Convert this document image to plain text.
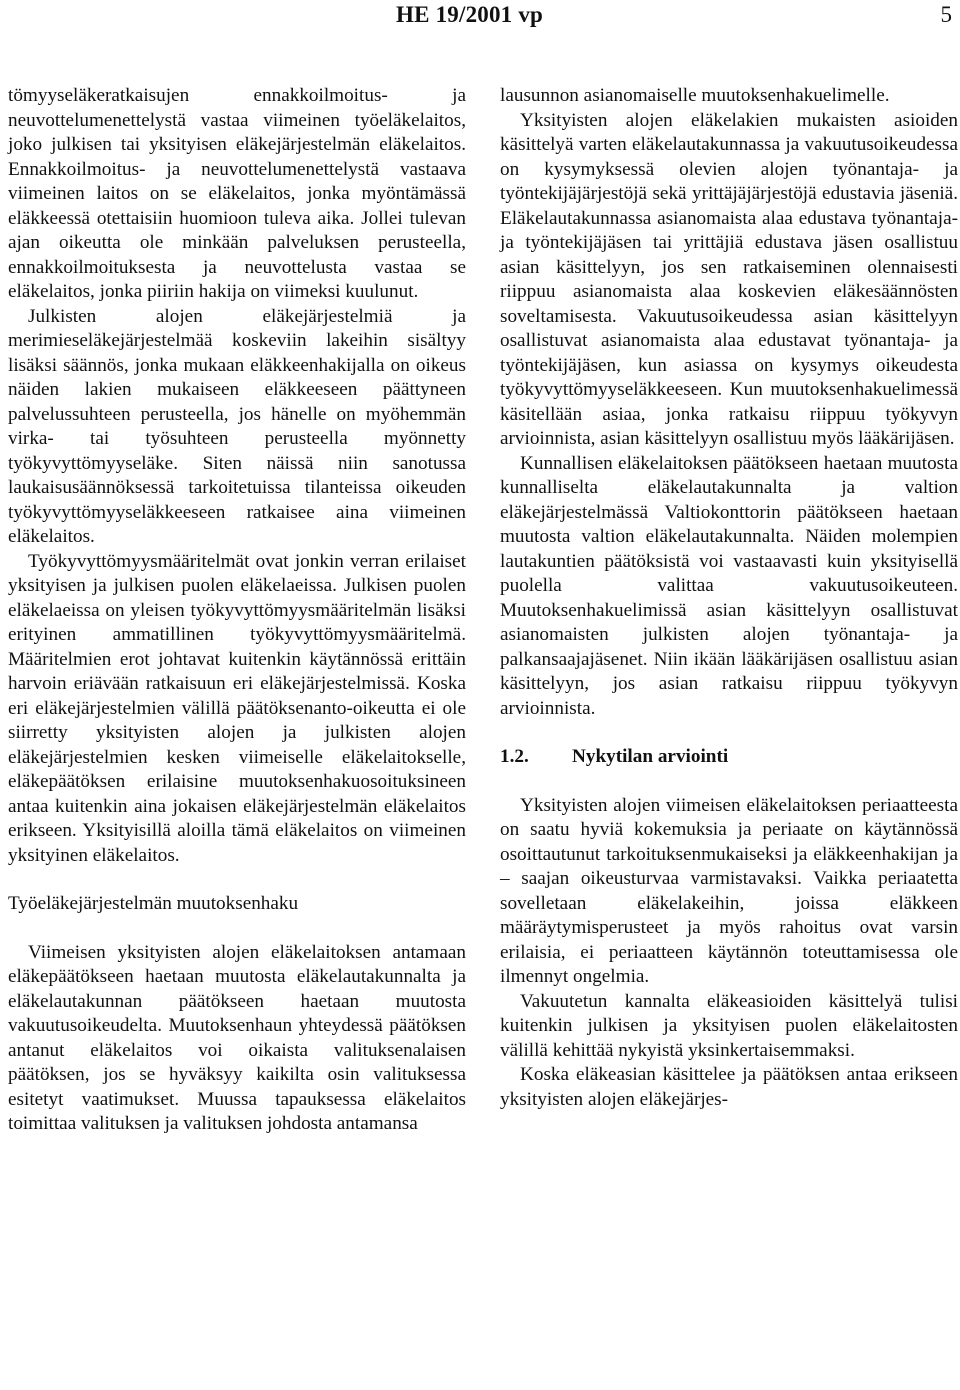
HE 19/2001 vp	5

tömyyseläkeratkaisujen ennakkoilmoitus- ja neuvottelumenettelystä vastaa viimeinen työeläkelaitos, joko julkisen tai yksityisen eläkejärjestelmän eläkelaitos. Ennakkoilmoitus- ja neuvottelumenettelystä vastaava viimeinen laitos on se eläkelaitos, jonka myöntämässä eläkkeessä otettaisiin huomioon tuleva aika. Jollei tulevan ajan oikeutta ole minkään palveluksen perusteella, ennakkoilmoituksesta ja neuvottelusta vastaa se eläkelaitos, jonka piiriin hakija on viimeksi kuulunut.

Julkisten alojen eläkejärjestelmiä ja merimieseläkejärjestelmää koskeviin lakeihin sisältyy lisäksi säännös, jonka mukaan eläkkeenhakijalla on oikeus näiden lakien mukaiseen eläkkeeseen päättyneen palvelussuhteen perusteella, jos hänelle on myöhemmän virka- tai työsuhteen perusteella myönnetty työkyvyttömyyseläke. Siten näissä niin sanotussa laukaisusäännöksessä tarkoitetuissa tilanteissa oikeuden työkyvyttömyyseläkkeeseen ratkaisee aina viimeinen eläkelaitos.

Työkyvyttömyysmääritelmät ovat jonkin verran erilaiset yksityisen ja julkisen puolen eläkelaeissa. Julkisen puolen eläkelaeissa on yleisen työkyvyttömyysmääritelmän lisäksi erityinen ammatillinen työkyvyttömyysmääritelmä. Määritelmien erot johtavat kuitenkin käytännössä erittäin harvoin eriävään ratkaisuun eri eläkejärjestelmissä. Koska eri eläkejärjestelmien välillä päätöksenanto-oikeutta ei ole siirretty yksityisten alojen ja julkisten alojen eläkejärjestelmien kesken viimeiselle eläkelaitokselle, eläkepäätöksen erilaisine muutoksenhakuosoituksineen antaa kuitenkin aina jokaisen eläkejärjestelmän eläkelaitos erikseen. Yksityisillä aloilla tämä eläkelaitos on viimeinen yksityinen eläkelaitos.

Työeläkejärjestelmän muutoksenhaku

Viimeisen yksityisten alojen eläkelaitoksen antamaan eläkepäätökseen haetaan muutosta eläkelautakunnalta ja eläkelautakunnan päätökseen haetaan muutosta vakuutusoikeudelta. Muutoksenhaun yhteydessä päätöksen antanut eläkelaitos voi oikaista valituksenalaisen päätöksen, jos se hyväksyy kaikilta osin valituksessa esitetyt vaatimukset. Muussa tapauksessa eläkelaitos toimittaa valituksen ja valituksen johdosta antamansa

lausunnon asianomaiselle muutoksenhakuelimelle.

Yksityisten alojen eläkelakien mukaisten asioiden käsittelyä varten eläkelautakunnassa ja vakuutusoikeudessa on kysymyksessä olevien alojen työnantaja- ja työntekijäjärjestöjä sekä yrittäjäjärjestöjä edustavia jäseniä. Eläkelautakunnassa asianomaista alaa edustava työnantaja- ja työntekijäjäsen tai yrittäjiä edustava jäsen osallistuu asian käsittelyyn, jos sen ratkaiseminen olennaisesti riippuu asianomaista alaa koskevien eläkesäännösten soveltamisesta. Vakuutusoikeudessa asian käsittelyyn osallistuvat asianomaista alaa edustavat työnantaja- ja työntekijäjäsen, kun asiassa on kysymys oikeudesta työkyvyttömyyseläkkeeseen. Kun muutoksenhakuelimessä käsitellään asiaa, jonka ratkaisu riippuu työkyvyn arvioinnista, asian käsittelyyn osallistuu myös lääkärijäsen.

Kunnallisen eläkelaitoksen päätökseen haetaan muutosta kunnalliselta eläkelautakunnalta ja valtion eläkejärjestelmässä Valtiokonttorin päätökseen haetaan muutosta valtion eläkelautakunnalta. Näiden molempien lautakuntien päätöksistä voi vastaavasti kuin yksityisellä puolella valittaa vakuutusoikeuteen. Muutoksenhakuelimissä asian käsittelyyn osallistuvat asianomaisten julkisten alojen työnantaja- ja palkansaajajäsenet. Niin ikään lääkärijäsen osallistuu asian käsittelyyn, jos asian ratkaisu riippuu työkyvyn arvioinnista.

1.2. Nykytilan arviointi

Yksityisten alojen viimeisen eläkelaitoksen periaatteesta on saatu hyviä kokemuksia ja periaate on käytännössä osoittautunut tarkoituksenmukaiseksi ja eläkkeenhakijan ja – saajan oikeusturvaa varmistavaksi. Vaikka periaatetta sovelletaan eläkelakeihin, joissa eläkkeen määräytymisperusteet ja myös rahoitus ovat varsin erilaisia, ei periaatteen käytännön toteuttamisessa ole ilmennyt ongelmia.

Vakuutetun kannalta eläkeasioiden käsittelyä tulisi kuitenkin julkisen ja yksityisen puolen eläkelaitosten välillä kehittää nykyistä yksinkertaisemmaksi.

Koska eläkeasian käsittelee ja päätöksen antaa erikseen yksityisten alojen eläkejärjes-
